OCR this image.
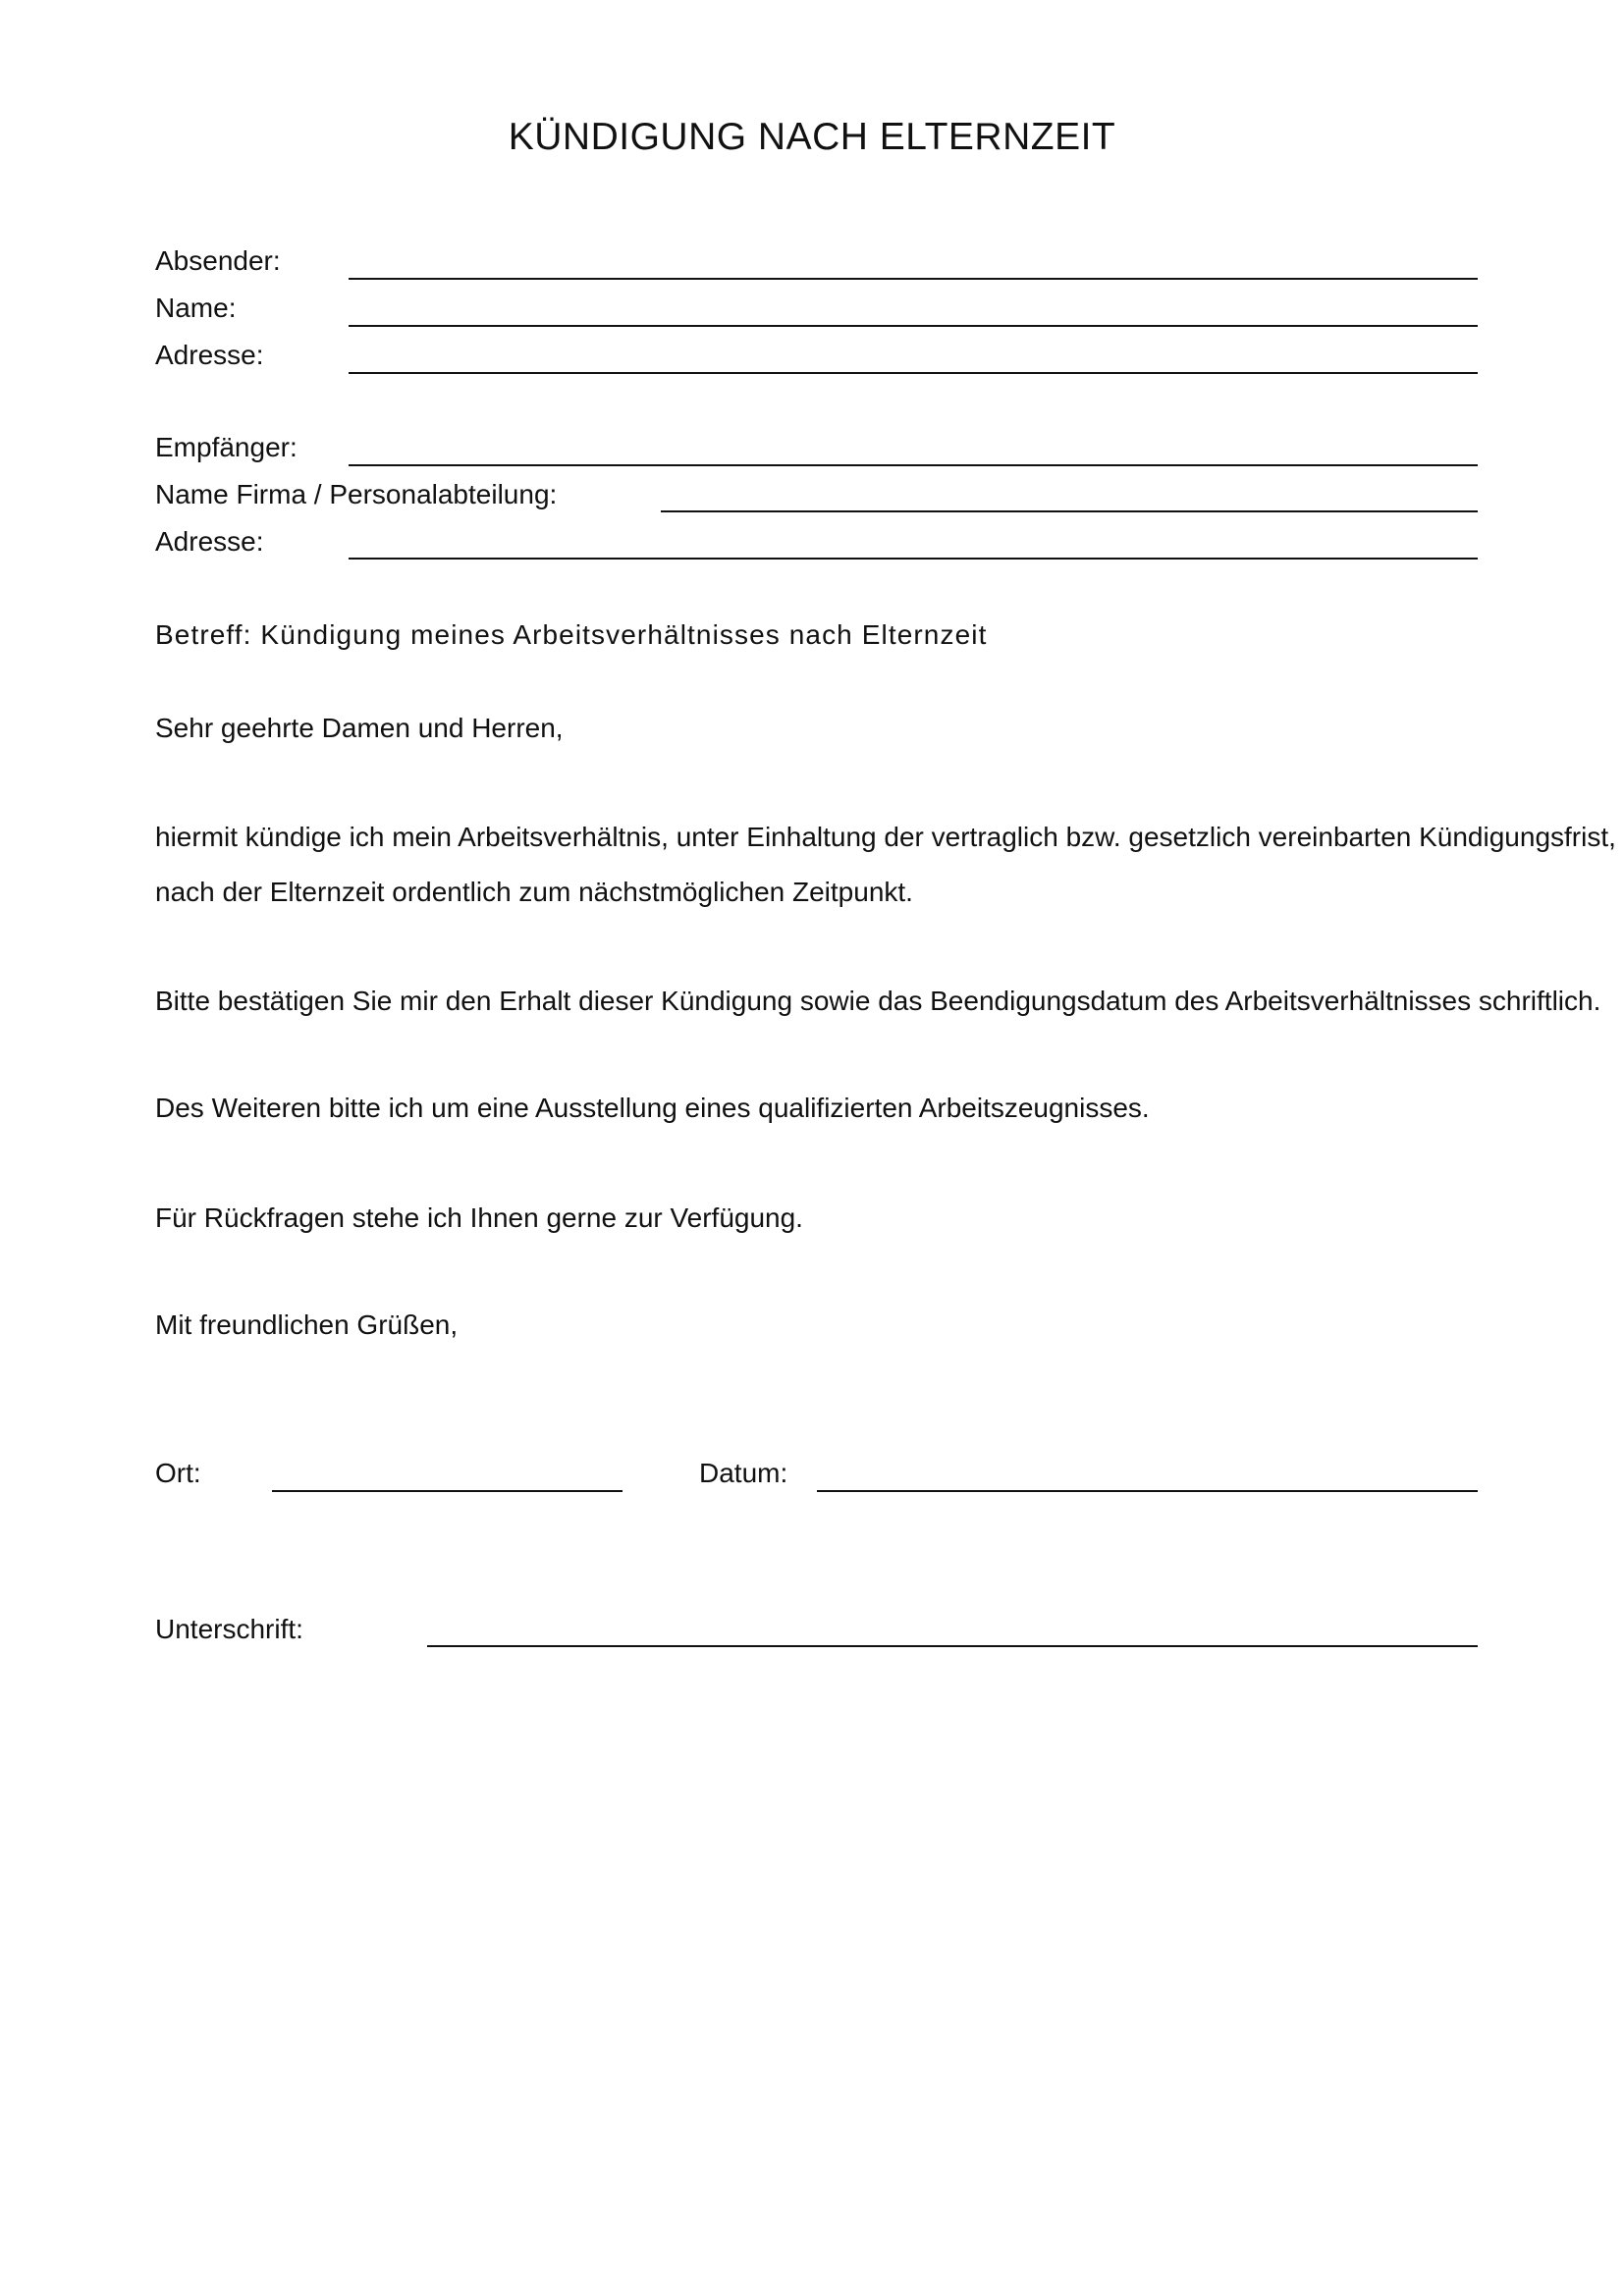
KÜNDIGUNG NACH ELTERNZEIT
Absender:
Name:
Adresse:
Empfänger:
Name Firma / Personalabteilung:
Adresse:
Betreff: Kündigung meines Arbeitsverhältnisses nach Elternzeit
Sehr geehrte Damen und Herren,
hiermit kündige ich mein Arbeitsverhältnis, unter Einhaltung der vertraglich bzw. gesetzlich vereinbarten Kündigungsfrist,
nach der Elternzeit ordentlich zum nächstmöglichen Zeitpunkt.
Bitte bestätigen Sie mir den Erhalt dieser Kündigung sowie das Beendigungsdatum des Arbeitsverhältnisses schriftlich.
Des Weiteren bitte ich um eine Ausstellung eines qualifizierten Arbeitszeugnisses.
Für Rückfragen stehe ich Ihnen gerne zur Verfügung.
Mit freundlichen Grüßen,
Ort:	Datum:
Unterschrift:
